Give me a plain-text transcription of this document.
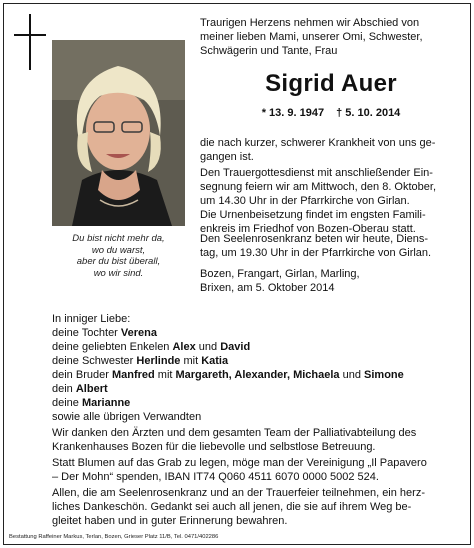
Du bist nicht mehr da,
wo du warst,
aber du bist überall,
wo wir sind.
Traurigen Herzens nehmen wir Abschied von
meiner lieben Mami, unserer Omi, Schwester,
Schwägerin und Tante, Frau
Sigrid Auer
* 13. 9. 1947 † 5. 10. 2014
die nach kurzer, schwerer Krankheit von uns ge-
gangen ist.
Den Trauergottesdienst mit anschließender Ein-
segnung feiern wir am Mittwoch, den 8. Oktober,
um 14.30 Uhr in der Pfarrkirche von Girlan.
Die Urnenbeisetzung findet im engsten Famili-
enkreis im Friedhof von Bozen-Oberau statt.
Den Seelenrosenkranz beten wir heute, Diens-
tag, um 19.30 Uhr in der Pfarrkirche von Girlan.
Bozen, Frangart, Girlan, Marling,
Brixen, am 5. Oktober 2014
In inniger Liebe:
deine Tochter Verena
deine geliebten Enkelen Alex und David
deine Schwester Herlinde mit Katia
dein Bruder Manfred mit Margareth, Alexander, Michaela und Simone
dein Albert
deine Marianne
sowie alle übrigen Verwandten
Wir danken den Ärzten und dem gesamten Team der Palliativabteilung des
Krankenhauses Bozen für die liebevolle und selbstlose Betreuung.
Statt Blumen auf das Grab zu legen, möge man der Vereinigung „Il Papavero
– Der Mohn“ spenden, IBAN IT74 Q060 4511 6070 0000 5002 524.
Allen, die am Seelenrosenkranz und an der Trauerfeier teilnehmen, ein herz-
liches Dankeschön. Gedankt sei auch all jenen, die sie auf ihrem Weg be-
gleitet haben und in guter Erinnerung bewahren.
Bestattung Raffeiner Markus, Terlan, Bozen, Grieser Platz 11/B, Tel. 0471/402286
